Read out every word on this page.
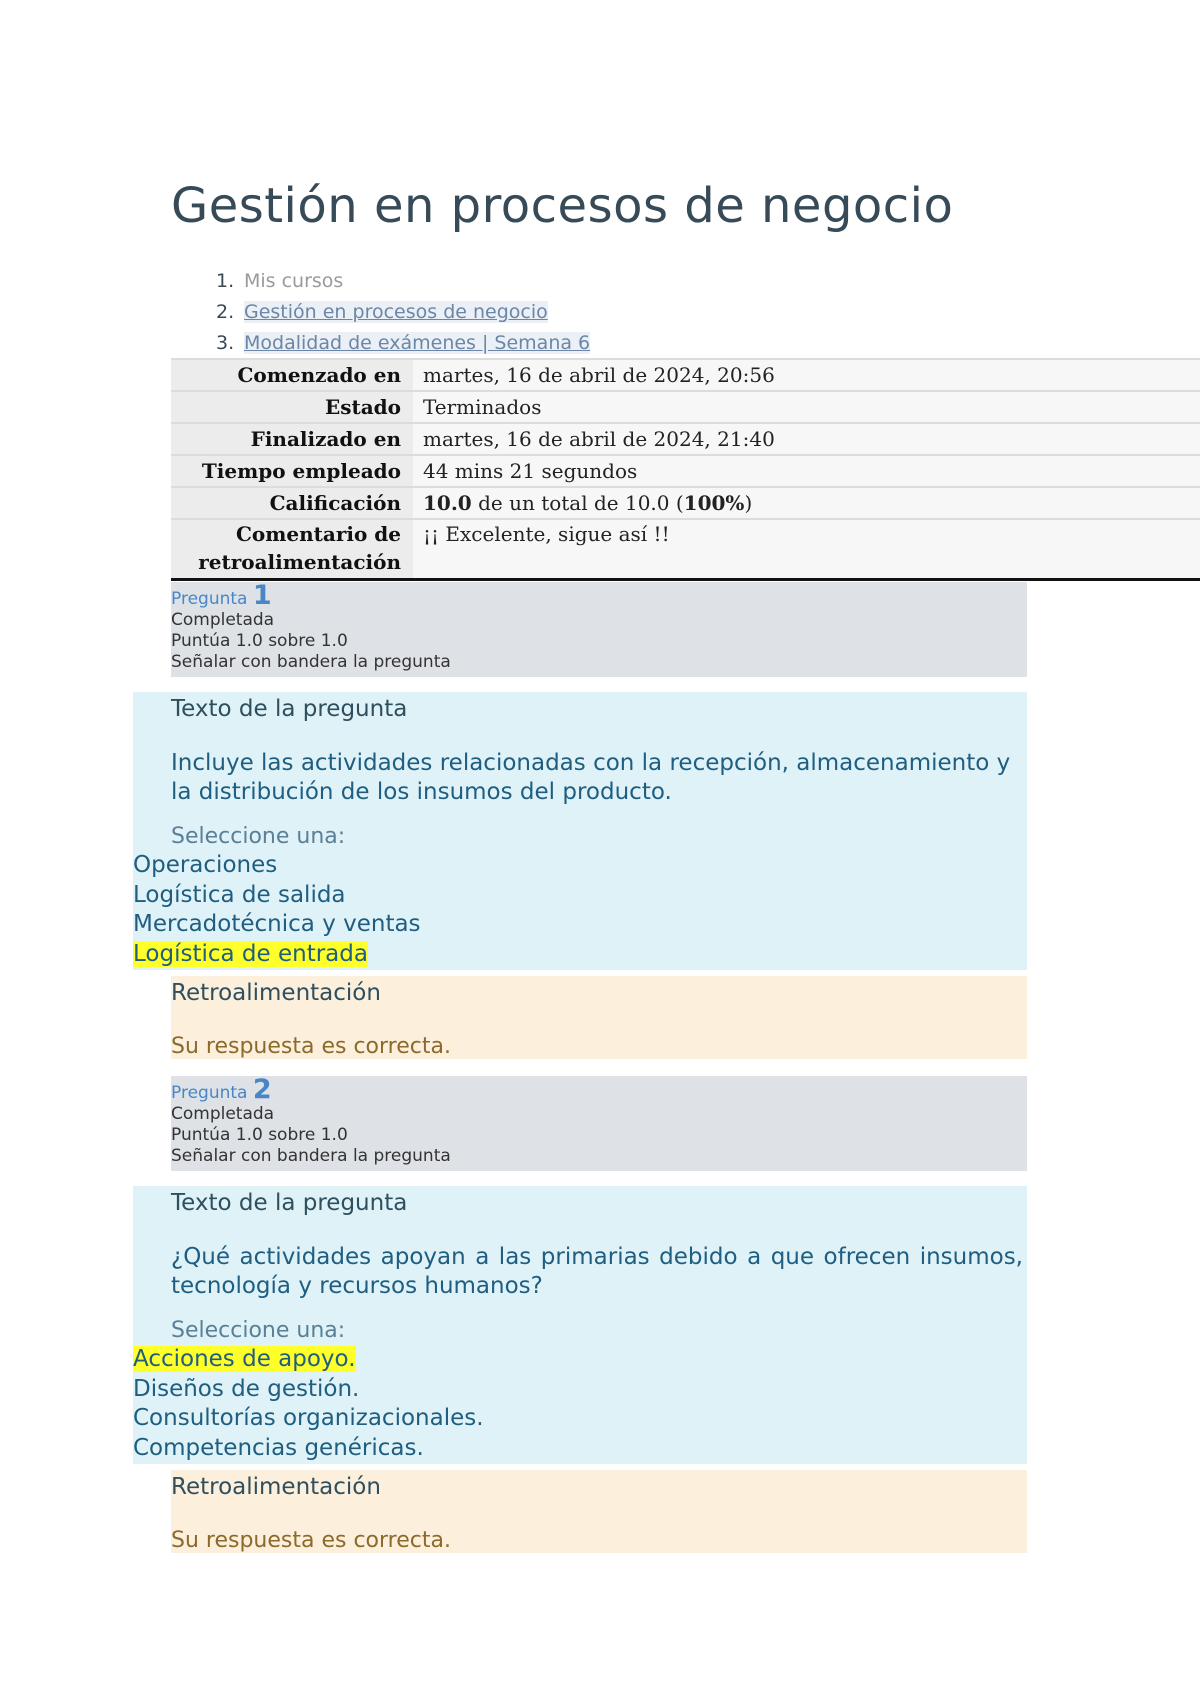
Gestión en procesos de negocio
1. Mis cursos
2. Gestión en procesos de negocio
3. Modalidad de exámenes | Semana 6
Comenzado en	martes, 16 de abril de 2024, 20:56
Estado	Terminados
Finalizado en	martes, 16 de abril de 2024, 21:40
Tiempo empleado	44 mins 21 segundos
Calificación	10.0 de un total de 10.0 (100%)
Comentario de
retroalimentación	¡¡ Excelente, sigue así !!
Pregunta 1
Completada
Puntúa 1.0 sobre 1.0
Señalar con bandera la pregunta
Texto de la pregunta
Incluye las actividades relacionadas con la recepción, almacenamiento y la distribución de los insumos del producto.
Seleccione una:
Operaciones
Logística de salida
Mercadotécnica y ventas
Logística de entrada
Retroalimentación
Su respuesta es correcta.
Pregunta 2
Completada
Puntúa 1.0 sobre 1.0
Señalar con bandera la pregunta
Texto de la pregunta
¿Qué actividades apoyan a las primarias debido a que ofrecen insumos, tecnología y recursos humanos?
Seleccione una:
Acciones de apoyo.
Diseños de gestión.
Consultorías organizacionales.
Competencias genéricas.
Retroalimentación
Su respuesta es correcta.
